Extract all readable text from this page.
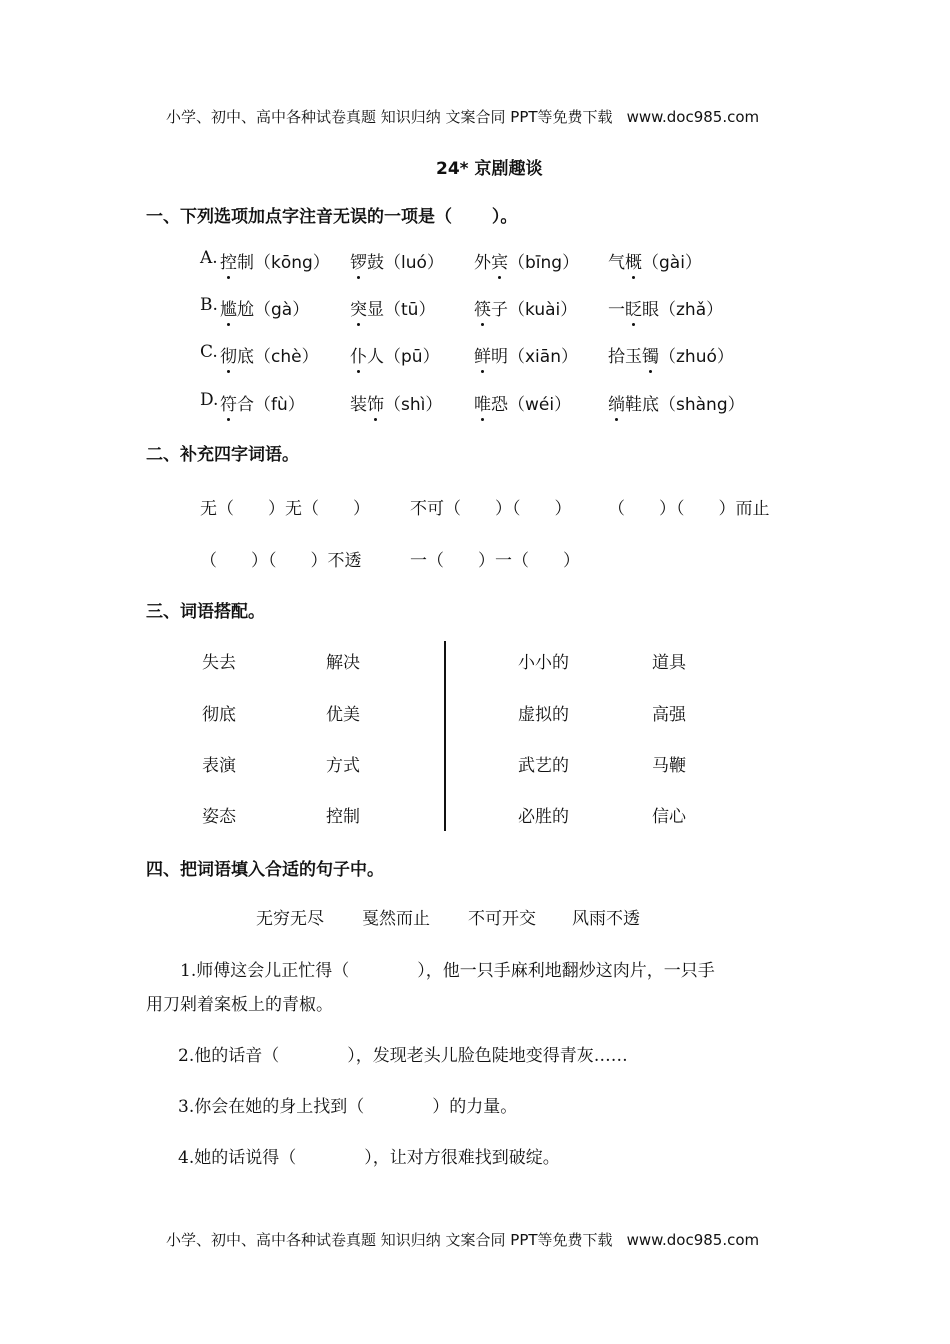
小学、初中、高中各种试卷真题 知识归纳 文案合同 PPT等免费下载 www.doc985.com
24* 京剧趣谈
一、下列选项加点字注音无误的一项是（　　 ）。
A. 控制（kōng） 锣鼓（luó） 外宾（bīng） 气概（gài）
B. 尴尬（gà） 突显（tū） 筷子（kuài） 一眨眼（zhǎ）
C. 彻底（chè） 仆人（pū） 鲜明（xiān） 拾玉镯（zhuó）
D. 符合（fù）	装饰（shì） 唯恐（wéi） 绱鞋底（shàng）
二、补充四字词语。
无（　　）无（　　） 不可（　　）（　　） （　　）（　　）而止
（　　）（　　）不透	一（　　）一（　　）
三、词语搭配。
失去	解决	小小的	道具
彻底	优美	虚拟的	高强
表演	方式	武艺的	马鞭
姿态	控制	必胜的	信心
四、把词语填入合适的句子中。
无穷无尽 戛然而止 不可开交 风雨不透
1.师傅这会儿正忙得（　　　　），他一只手麻利地翻炒这肉片，一只手
用刀剁着案板上的青椒。
2.他的话音（　　　　），发现老头儿脸色陡地变得青灰……
3.你会在她的身上找到（　　　　）的力量。
4.她的话说得（　　　　），让对方很难找到破绽。
小学、初中、高中各种试卷真题 知识归纳 文案合同 PPT等免费下载 www.doc985.com
